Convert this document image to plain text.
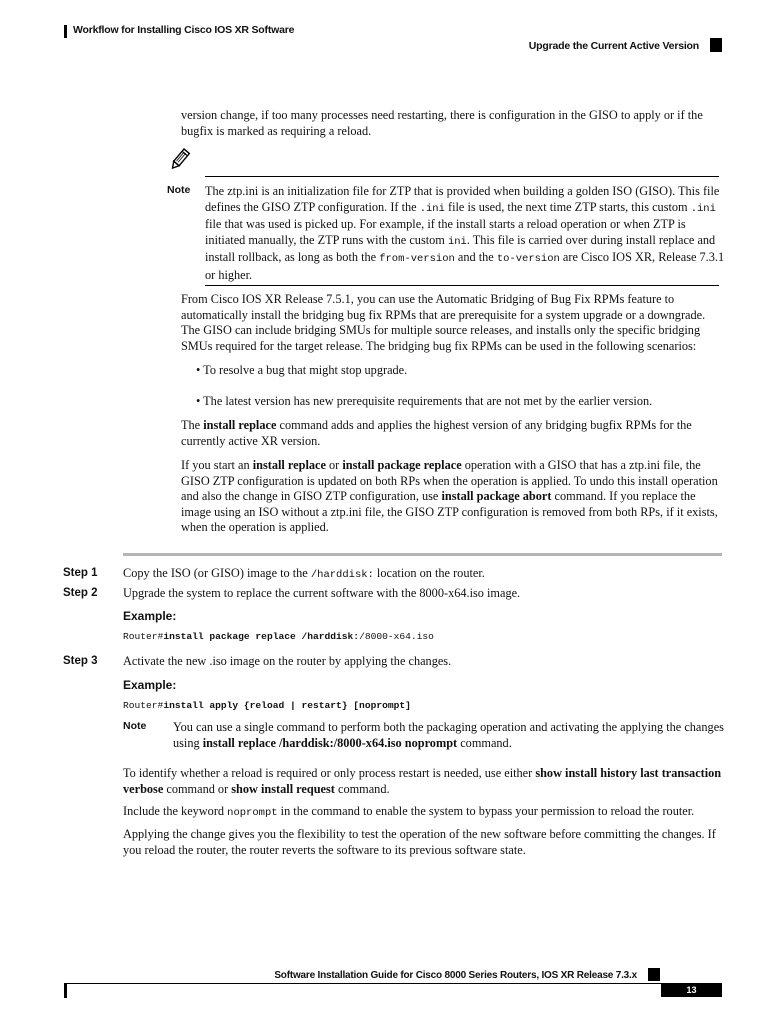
Workflow for Installing Cisco IOS XR Software
Upgrade the Current Active Version

version change, if too many processes need restarting, there is configuration in the GISO to apply or if the bugfix is marked as requiring a reload.

Note The ztp.ini is an initialization file for ZTP that is provided when building a golden ISO (GISO). This file defines the GISO ZTP configuration. If the .ini file is used, the next time ZTP starts, this custom .ini file that was used is picked up. For example, if the install starts a reload operation or when ZTP is initiated manually, the ZTP runs with the custom ini. This file is carried over during install replace and install rollback, as long as both the from-version and the to-version are Cisco IOS XR, Release 7.3.1 or higher.

From Cisco IOS XR Release 7.5.1, you can use the Automatic Bridging of Bug Fix RPMs feature to automatically install the bridging bug fix RPMs that are prerequisite for a system upgrade or a downgrade. The GISO can include bridging SMUs for multiple source releases, and installs only the specific bridging SMUs required for the target release. The bridging bug fix RPMs can be used in the following scenarios:

• To resolve a bug that might stop upgrade.
• The latest version has new prerequisite requirements that are not met by the earlier version.

The install replace command adds and applies the highest version of any bridging bugfix RPMs for the currently active XR version.

If you start an install replace or install package replace operation with a GISO that has a ztp.ini file, the GISO ZTP configuration is updated on both RPs when the operation is applied. To undo this install operation and also the change in GISO ZTP configuration, use install package abort command. If you replace the image using an ISO without a ztp.ini file, the GISO ZTP configuration is removed from both RPs, if it exists, when the operation is applied.

Step 1 Copy the ISO (or GISO) image to the /harddisk: location on the router.

Step 2 Upgrade the system to replace the current software with the 8000-x64.iso image.

Example:
Router#install package replace /harddisk:/8000-x64.iso
Step 3 Activate the new .iso image on the router by applying the changes.

Example:
Router#install apply {reload | restart} [noprompt]
Note You can use a single command to perform both the packaging operation and activating the applying the changes using install replace /harddisk:/8000-x64.iso noprompt command.

To identify whether a reload is required or only process restart is needed, use either show install history last transaction verbose command or show install request command.

Include the keyword noprompt in the command to enable the system to bypass your permission to reload the router.

Applying the change gives you the flexibility to test the operation of the new software before committing the changes. If you reload the router, the router reverts the software to its previous software state.

Software Installation Guide for Cisco 8000 Series Routers, IOS XR Release 7.3.x
13
